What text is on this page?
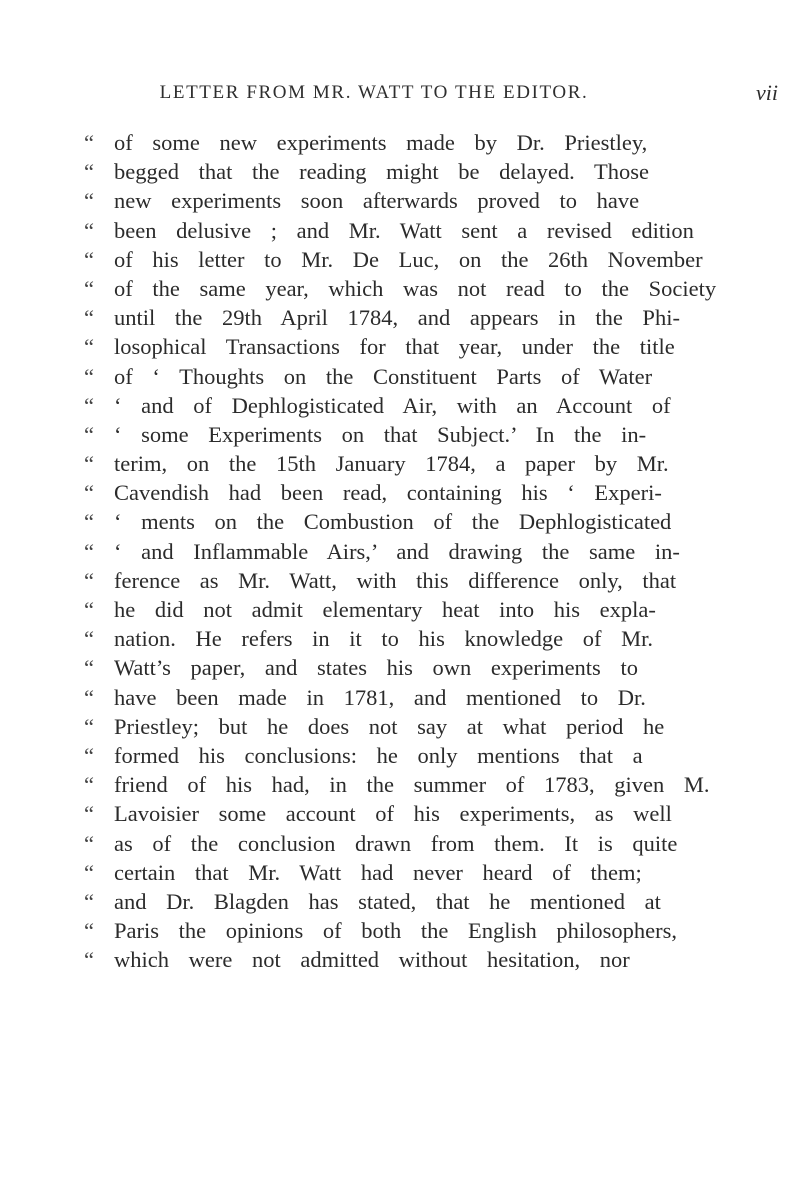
LETTER FROM MR. WATT TO THE EDITOR.	vii
“ of some new experiments made by Dr. Priestley,
“ begged that the reading might be delayed. Those
“ new experiments soon afterwards proved to have
“ been delusive ; and Mr. Watt sent a revised edition
“ of his letter to Mr. De Luc, on the 26th November
“ of the same year, which was not read to the Society
“ until the 29th April 1784, and appears in the Phi-
“ losophical Transactions for that year, under the title
“ of ‘ Thoughts on the Constituent Parts of Water
“ ‘ and of Dephlogisticated Air, with an Account of
“ ‘ some Experiments on that Subject.’ In the in-
“ terim, on the 15th January 1784, a paper by Mr.
“ Cavendish had been read, containing his ‘ Experi-
“ ‘ ments on the Combustion of the Dephlogisticated
“ ‘ and Inflammable Airs,’ and drawing the same in-
“ ference as Mr. Watt, with this difference only, that
“ he did not admit elementary heat into his expla-
“ nation. He refers in it to his knowledge of Mr.
“ Watt’s paper, and states his own experiments to
“ have been made in 1781, and mentioned to Dr.
“ Priestley; but he does not say at what period he
“ formed his conclusions: he only mentions that a
“ friend of his had, in the summer of 1783, given M.
“ Lavoisier some account of his experiments, as well
“ as of the conclusion drawn from them. It is quite
“ certain that Mr. Watt had never heard of them;
“ and Dr. Blagden has stated, that he mentioned at
“ Paris the opinions of both the English philosophers,
“ which were not admitted without hesitation, nor
